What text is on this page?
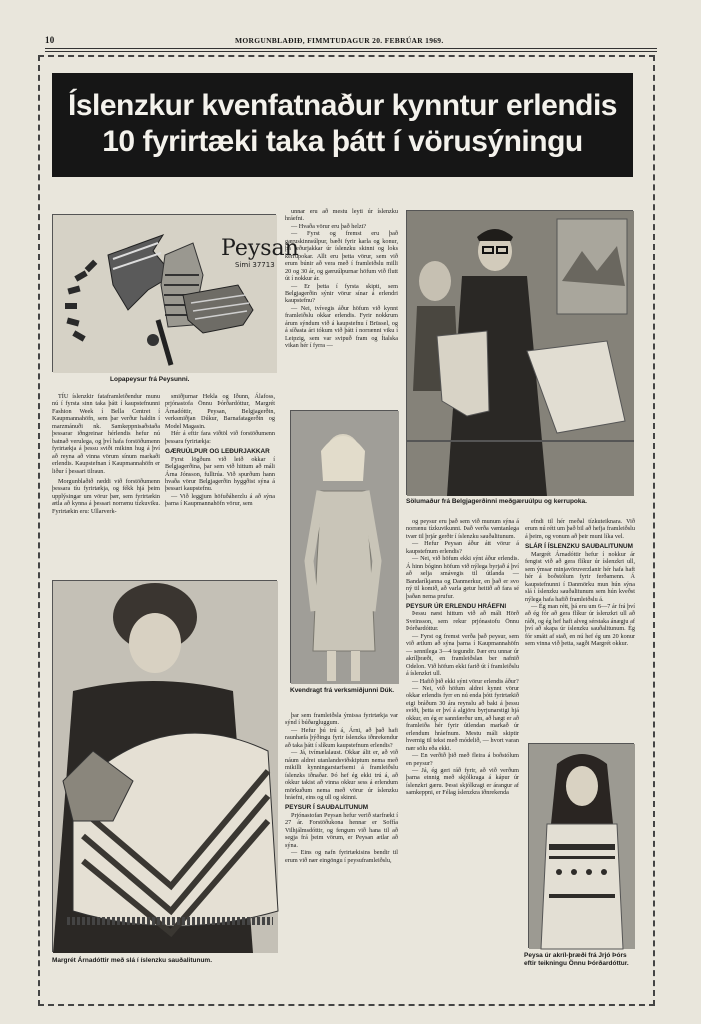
10	MORGUNBLAÐIÐ, FIMMTUDAGUR 20. FEBRÚAR 1969.
Íslenzkur kvenfatnaður kynntur erlendis
10 fyrirtæki taka þátt í vörusýningu
Peysan
Simi 37713
Lopapeysur frá Peysunni.

TÍU íslenzkir fataframleiðendur munu nú í fyrsta sinn taka þátt í kaupstefnunni Fashion Week í Bella Centret í Kaupmannahöfn, sem þar verður haldin í marzmánuði nk. Samkeppnisaðstaða þessarar iðngreinar hérlendis hefur nú batnað verulega, og því hafa forstöðumenn fyrirtækja á þessu sviði mikinn hug á því að reyna að vinna vörum sínum markaði erlendis. Kaupstefnan í Kaupmannahöfn er liður í þessari tilraun.

Morgunblaðið ræddi við forstöðumenn þessara tíu fyrirtækja, og fékk hjá þeim upplýsingar um vörur þær, sem fyrirtækin ætla að kynna á þessari norrænu tízkuviku. Fyrirtækin eru: Ullarverk-

smiðjurnar Hekla og Iðunn, Álafoss, prjónastofa Önnu Þórðardóttur, Margrét Árnadóttir, Peysan, Belgjagerðin, verksmiðjan Dúkur, Barnafatagerðin og Model Magasin.

Hér á eftir fara viðtöl við forstöðumenn þessara fyrirtækja:

GÆRUÚLPUR OG LEÐURJAKKAR

Fyrst lögðum við leið okkar í Belgjagerðina, þar sem við hittum að máli Árna Jónsson, fulltrúa. Við spurðum hann hvaða vörur Belgjagerðin hyggðist sýna á þessari kaupstefnu.

— Við leggjum höfuðáherzlu á að sýna þarna í Kaupmannahöfn vörur, sem

unnar eru að mestu leyti úr íslenzku hráefni.

— Hvaða vörur eru það helzt?

— Fyrst og fremst eru það gæruskinnsúlpur, bæði fyrir karla og konur, þá leðurjakkar úr íslenzku skinni og loks kerrupokar. Allt eru þetta vörur, sem við erum búnir að vera með í framleiðslu milli 20 og 30 ár, og gæruúlpurnar höfum við flutt út í nokkur ár.

— Er þetta í fyrsta skipti, sem Belgjagerðin sýnir vörur sínar á erlendri kaupstefnu?

— Nei, tvívegis áður höfum við kynnt framleiðslu okkar erlendis. Fyrir nokkrum árum sýndum við á kaupstefnu í Brüssel, og á síðasta ári tókum við þátt í norrænni viku í Leipzig, sem var svipuð fram og Ítalska vikan hér í fyrra —

Kvendragt frá verksmiðjunni Dúk.
Margrét Árnadóttir með slá í íslenzku sauðalitunum.

þar sem framleiðsla ýmissa fyrirtækja var sýnd í búðargluggum.

— Hefur þú trú á, Árni, að það hafi raunhæfa þýðingu fyrir íslenzka iðnrekendur að taka þátt í slíkum kaupstefnum erlendis?

— Já, tvímælalaust. Okkar álit er, að við náum aldrei utanlandsviðskiptum nema með mikilli kynningarstarfsemi á framleiðslu íslenzks iðnaðar. Þó hef ég ekki trú á, að okkur takist að vinna okkur sess á erlendum mörkuðum nema með vörur úr íslenzku hráefni, eins og ull og skinni.

PEYSUR Í SAUÐALITUNUM

Prjónastofan Peysan hefur verið starfrækt í 27 ár. Forstöðukona hennar er Soffía Vilhjálmsdóttir, og fengum við hana til að segja frá þeim vörum, er Peysan ætlar að sýna.

— Eins og nafn fyrirtækisins bendir til erum við nær eingöngu í peysuframleiðslu,

Sölumaður frá Belgjagerðinni meðgæruúlpu og kerrupoka.

og peysur eru það sem við munum sýna á norrænu tízkuvikunni. Það verða væntanlega tvær til þrjár gerðir í íslenzku sauðalitunum.

— Hefur Peysan áður átt vörur á kaupstefnum erlendis?

— Nei, við höfum ekki sýnt áður erlendis. Á hinn bóginn höfum við nýlega byrjað á því að selja smávegis til útlanda — Bandaríkjanna og Danmerkur, en það er svo ný til komið, að varla getur heitið að fara sé þaðan nema prufur.

PEYSUR ÚR ERLENDU HRÁEFNI

Þessu næst hittum við að máli Hörð Sveinsson, sem rekur prjónastofu Önnu Þórðardóttur.

— Fyrst og fremst verða það peysur, sem við ætlum að sýna þarna í Kaupmannahöfn — sennilega 3—4 tegundir. Þær eru unnar úr akrílþræði, en framleiðslan ber nafnið Odelon. Við höfum ekki farið út í framleiðslu á íslenzkri ull.

— Hafið þið ekki sýnt vörur erlendis áður?

— Nei, við höfum aldrei kynnt vörur okkar erlendis fyrr en nú enda þótt fyrirtækið eigi bráðum 30 ára reynslu að baki á þessu sviði, þetta er því á algjöru byrjunarstigi hjá okkur, en ég er sannfærður um, að hægt er að framleiða hér fyrir útlendan markað úr erlendum hráefnum. Mestu máli skiptir hvernig til tekst með módelið, — hvort varan nær sölu eða ekki.

— En verðið þið með fleira á boðstólum en peysur?

— Já, ég geri ráð fyrir, að við verðum þarna einnig með skjólkraga á kápur úr íslenzkri gæru. Þessi skjólkragi er árangur af samkeppni, er Félag íslenzkra iðnrekenda

efndi til hér meðal tízkuteiknara. Við erum nú rétt um það bil að hefja framleiðslu á þeim, og vonum að þeir muni líka vel.

SLÁR Í ÍSLENZKU SAUÐALITUNUM

Margrét Árnadóttir hefur í nokkur ár fengist við að gera flíkur úr íslenzkri ull, sem ýmsar minjavöruverzlanir hér hafa haft hér á boðstólum fyrir ferðamenn. Á kaupstefnunni í Danmörku mun hún sýna slá í íslenzku sauðalitunum sem hún kveðst nýlega hafa hafið framleiðslu á.

— Ég man rétt, þá eru um 6—7 ár frá því að ég fór að gera flíkur úr íslenzkri ull að ráði, og ég hef haft alveg sérstaka ánægju af því að skapa úr íslenzku sauðalitunum. Ég fór smátt af stað, en nú hef ég um 20 konur sem vinna við þetta, sagði Margrét okkur.

Peysa úr akríl-þræði frá Jrjó Þórs eftir teikningu Önnu Þórðardóttur.
